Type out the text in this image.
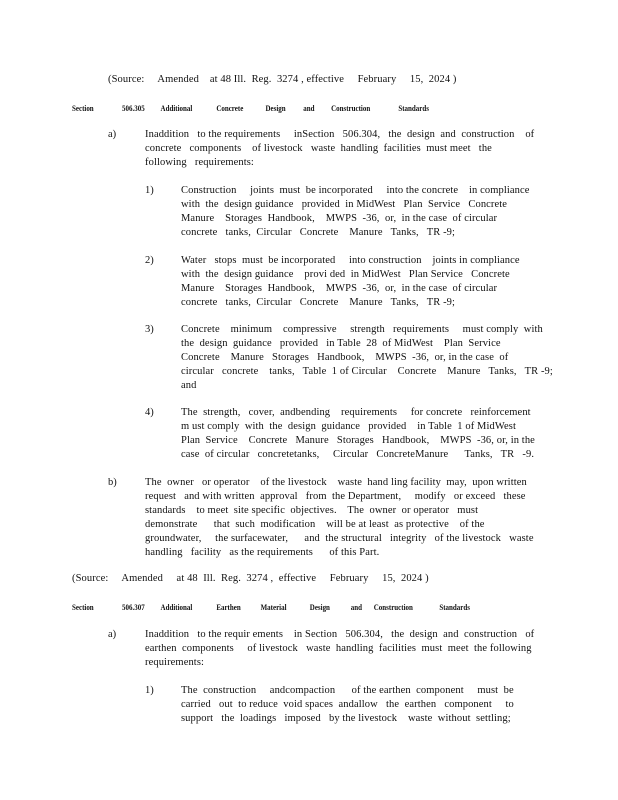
(Source:     Amended    at 48 Ill.  Reg.  3274 , effective     February     15,  2024 )
Section	506.305 Additional	Concrete	Design and Construction	Standards
a)	Inaddition   to the requirements     inSection   506.304,   the  design  and  construction    of
concrete   components    of livestock   waste  handling  facilities  must meet   the
following   requirements:
1)	Construction     joints  must  be incorporated     into the concrete    in compliance
with  the  design guidance   provided  in MidWest   Plan  Service   Concrete
Manure    Storages  Handbook,    MWPS  -36,  or,  in the case  of circular
concrete   tanks,  Circular   Concrete    Manure   Tanks,   TR -9;
2)	Water   stops  must  be incorporated     into construction    joints in compliance
with  the  design guidance    provi ded  in MidWest   Plan Service   Concrete
Manure    Storages  Handbook,    MWPS  -36,  or,  in the case  of circular
concrete   tanks,  Circular   Concrete    Manure   Tanks,   TR -9;
3)	Concrete    minimum    compressive     strength   requirements     must comply  with
the  design  guidance   provided   in Table  28  of MidWest    Plan  Service
Concrete    Manure   Storages   Handbook,    MWPS  -36,  or, in the case  of
circular   concrete    tanks,   Table  1 of Circular    Concrete    Manure   Tanks,   TR -9;
and
4)	The  strength,   cover,  andbending    requirements     for concrete   reinforcement
m ust comply  with  the  design  guidance   provided    in Table  1 of MidWest
Plan  Service    Concrete   Manure   Storages   Handbook,    MWPS  -36, or, in the
case  of circular   concretetanks,     Circular   ConcreteManure      Tanks,   TR   -9.
b)	The  owner   or operator    of the livestock    waste  hand ling facility  may,  upon written
request   and with written  approval   from  the Department,     modify   or exceed   these
standards    to meet  site specific  objectives.    The  owner  or operator   must
demonstrate      that  such  modification    will be at least  as protective    of the
groundwater,     the surfacewater,      and  the structural   integrity   of the livestock   waste
handling   facility   as the requirements      of this Part.
(Source:     Amended     at 48  Ill.  Reg.  3274 ,  effective     February     15,  2024 )
Section	506.307 Additional	Earthen Material	Design and Construction	Standards
a)	Inaddition   to the requir ements    in Section   506.304,   the  design  and  construction   of
earthen  components     of livestock   waste  handling  facilities  must  meet  the following
requirements:
1)	The  construction     andcompaction      of the earthen  component     must  be
carried   out  to reduce  void spaces  andallow   the  earthen   component     to
support   the  loadings   imposed   by the livestock    waste  without  settling;
